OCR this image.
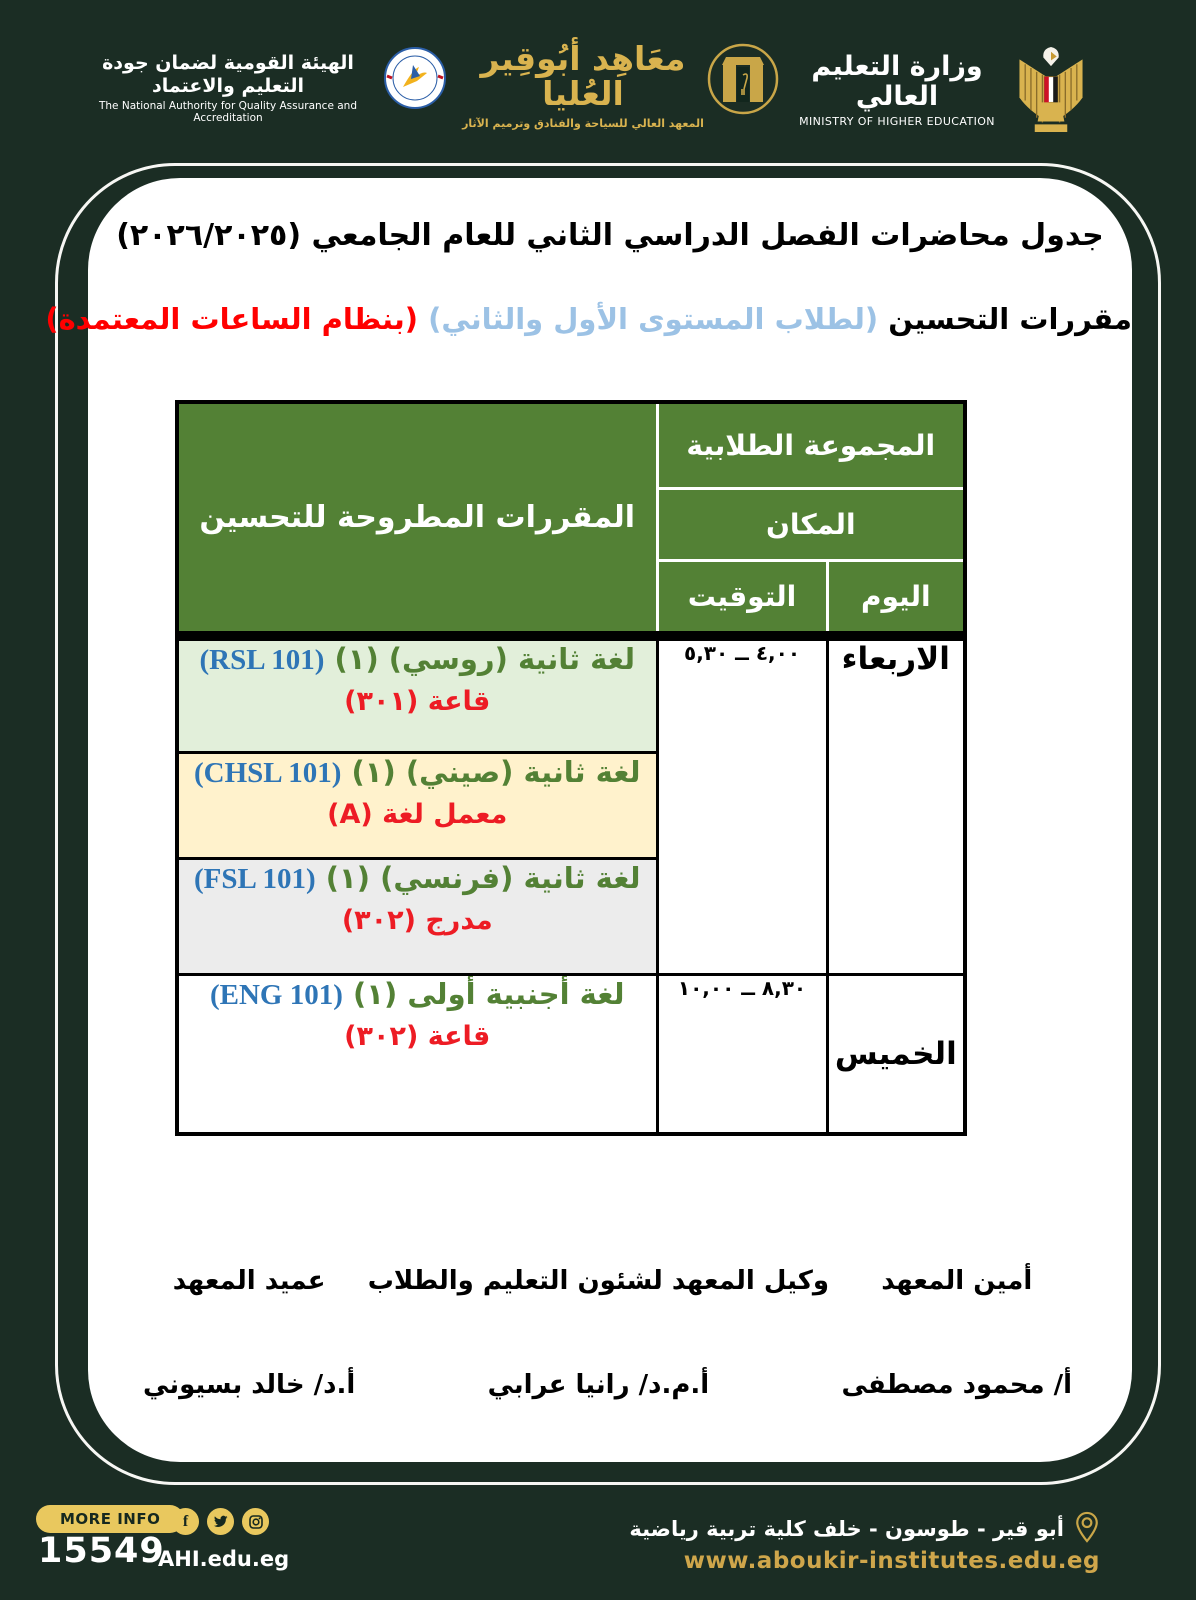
الهيئة القومية لضمان جودة التعليم والاعتماد
The National Authority for Quality Assurance and Accreditation
معَاهِد أبُوقِير العُليا
المعهد العالي للسياحة والفنادق وترميم الآثار
وزارة التعليم العالي
MINISTRY OF HIGHER EDUCATION
جدول محاضرات الفصل الدراسي الثاني للعام الجامعي (٢٠٢٦/٢٠٢٥)
مقررات التحسين (لطلاب المستوى الأول والثاني) (بنظام الساعات المعتمدة)
المجموعة الطلابية		المقررات المطروحة للتحسين
المكان		
اليوم	التوقيت	
الاربعاء	٤,٠٠ ــ ٥,٣٠	لغة ثانية (روسي) (١) (RSL 101)
قاعة (٣٠١)

		لغة ثانية (صيني) (١) (CHSL 101)
معمل لغة (A)

		لغة ثانية (فرنسي) (١) (FSL 101)
مدرج (٣٠٢)

الخميس	٨,٣٠ ــ ١٠,٠٠	لغة أجنبية أولى (١) (ENG 101)
قاعة (٣٠٢)
أمين المعهد
أ/ محمود مصطفى
وكيل المعهد لشئون التعليم والطلاب
أ.م.د/ رانيا عرابي
عميد المعهد
أ.د/ خالد بسيوني
MORE INFO
15549
f
AHI.edu.eg
أبو قير - طوسون - خلف كلية تربية رياضية
www.aboukir-institutes.edu.eg
